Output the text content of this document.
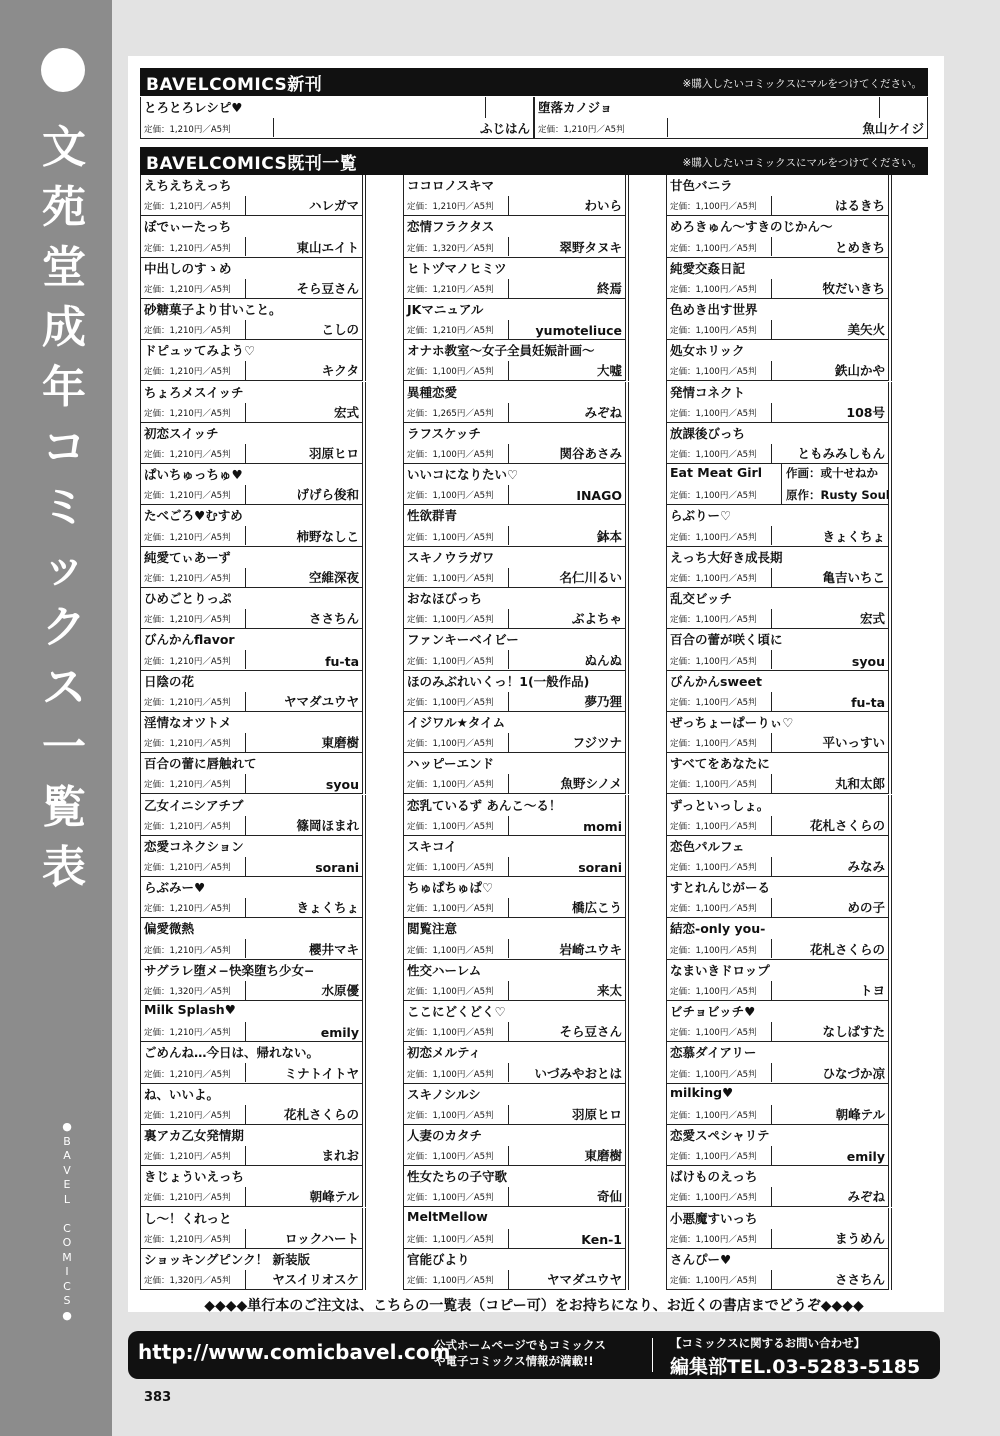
文
苑
堂
成
年
コ
ミ
ッ
ク
ス
一
覧
表
●
B
A
V
E
L

C
O
M
I
C
S
●
BAVELCOMICS新刊	※購入したいコミックスにマルをつけてください。
とろとろレシピ♥
定価：1,210円／A5判	ふじはん
堕落カノジョ
定価：1,210円／A5判	魚山ケイジ
BAVELCOMICS既刊一覧	※購入したいコミックスにマルをつけてください。
えちえちえっち
定価：1,210円／A5判	ハレガマ
ぼでぃーたっち
定価：1,210円／A5判	東山エイト
中出しのすゝめ
定価：1,210円／A5判	そら豆さん
砂糖菓子より甘いこと。
定価：1,210円／A5判	こしの
ドピュッてみよう♡
定価：1,210円／A5判	キクタ
ちょろメスイッチ
定価：1,210円／A5判	宏式
初恋スイッチ
定価：1,210円／A5判	羽原ヒロ
ぱいちゅっちゅ♥
定価：1,210円／A5判	げげら俊和
たべごろ♥むすめ
定価：1,210円／A5判	柿野なしこ
純愛てぃあーず
定価：1,210円／A5判	空維深夜
ひめごとりっぷ
定価：1,210円／A5判	ささちん
びんかんflavor
定価：1,210円／A5判	fu-ta
日陰の花
定価：1,210円／A5判	ヤマダユウヤ
淫情なオツトメ
定価：1,210円／A5判	東磨樹
百合の蕾に唇触れて
定価：1,210円／A5判	syou
乙女イニシアチブ
定価：1,210円／A5判	篠岡ほまれ
恋愛コネクション
定価：1,210円／A5判	sorani
らぶみー♥
定価：1,210円／A5判	きょくちょ
偏愛微熱
定価：1,210円／A5判	櫻井マキ
サグラレ堕メ−快楽堕ち少女−
定価：1,320円／A5判	水原優
Milk Splash♥
定価：1,210円／A5判	emily
ごめんね…今日は、帰れない。
定価：1,210円／A5判	ミナトイトヤ
ね、いいよ。
定価：1,210円／A5判	花札さくらの
裏アカ乙女発情期
定価：1,210円／A5判	まれお
きじょういえっち
定価：1,210円／A5判	朝峰テル
し〜！くれっと
定価：1,210円／A5判	ロックハート
ショッキングピンク！ 新装版
定価：1,320円／A5判	ヤスイリオスケ
ココロノスキマ
定価：1,210円／A5判	わいら
恋情フラクタス
定価：1,320円／A5判	翠野タヌキ
ヒトヅマノヒミツ
定価：1,210円／A5判	終焉
JKマニュアル
定価：1,210円／A5判	yumoteliuce
オナホ教室～女子全員妊娠計画～
定価：1,100円／A5判	大嘘
異種恋愛
定価：1,265円／A5判	みぞね
ラフスケッチ
定価：1,100円／A5判	関谷あさみ
いいコになりたい♡
定価：1,100円／A5判	INAGO
性欲群青
定価：1,100円／A5判	鉢本
スキノウラガワ
定価：1,100円／A5判	名仁川るい
おなほびっち
定価：1,100円／A5判	ぶよちゃ
ファンキーベイビー
定価：1,100円／A5判	ぬんぬ
ほのみぶれいくっ！1(一般作品)
定価：1,100円／A5判	夢乃狸
イジワル★タイム
定価：1,100円／A5判	フジツナ
ハッピーエンド
定価：1,100円／A5判	魚野シノメ
恋乳ているず あんこ〜る！
定価：1,100円／A5判	momi
スキコイ
定価：1,100円／A5判	sorani
ちゅぱちゅぱ♡
定価：1,100円／A5判	橋広こう
閲覧注意
定価：1,100円／A5判	岩崎ユウキ
性交ハーレム
定価：1,100円／A5判	来太
ここにどくどく♡
定価：1,100円／A5判	そら豆さん
初恋メルティ
定価：1,100円／A5判	いづみやおとは
スキノシルシ
定価：1,100円／A5判	羽原ヒロ
人妻のカタチ
定価：1,100円／A5判	東磨樹
性女たちの子守歌
定価：1,100円／A5判	奇仙
MeltMellow
定価：1,100円／A5判	Ken-1
官能びより
定価：1,100円／A5判	ヤマダユウヤ
甘色バニラ
定価：1,100円／A5判	はるきち
めろきゅん～すきのじかん～
定価：1,100円／A5判	とめきち
純愛交姦日記
定価：1,100円／A5判	牧だいきち
色めき出す世界
定価：1,100円／A5判	美矢火
処女ホリック
定価：1,100円／A5判	鉄山かや
発情コネクト
定価：1,100円／A5判	108号
放課後びっち
定価：1,100円／A5判	ともみみしもん
Eat Meat Girl
定価：1,100円／A5判
作画：或十せねか
原作：Rusty Soul
らぶりー♡
定価：1,100円／A5判	きょくちょ
えっち大好き成長期
定価：1,100円／A5判	亀吉いちこ
乱交ビッチ
定価：1,100円／A5判	宏式
百合の蕾が咲く頃に
定価：1,100円／A5判	syou
びんかんsweet
定価：1,100円／A5判	fu-ta
ぜっちょーぱーりぃ♡
定価：1,100円／A5判	平いっすい
すべてをあなたに
定価：1,100円／A5判	丸和太郎
ずっといっしょ。
定価：1,100円／A5判	花札さくらの
恋色パルフェ
定価：1,100円／A5判	みなみ
すとれんじがーる
定価：1,100円／A5判	めの子
結恋-only you-
定価：1,100円／A5判	花札さくらの
なまいきドロップ
定価：1,100円／A5判	トヨ
ビチョビッチ♥
定価：1,100円／A5判	なしぱすた
恋慕ダイアリー
定価：1,100円／A5判	ひなづか凉
milking♥
定価：1,100円／A5判	朝峰テル
恋愛スペシャリテ
定価：1,100円／A5判	emily
ばけものえっち
定価：1,100円／A5判	みぞね
小悪魔すいっち
定価：1,100円／A5判	まうめん
さんぴー♥
定価：1,100円／A5判	ささちん
◆◆◆◆単行本のご注文は、こちらの一覧表（コピー可）をお持ちになり、お近くの書店までどうぞ◆◆◆◆
http://www.comicbavel.com
公式ホームページでもコミックス
や電子コミックス情報が満載!!
【コミックスに関するお問い合わせ】
編集部TEL.03-5283-5185
383
